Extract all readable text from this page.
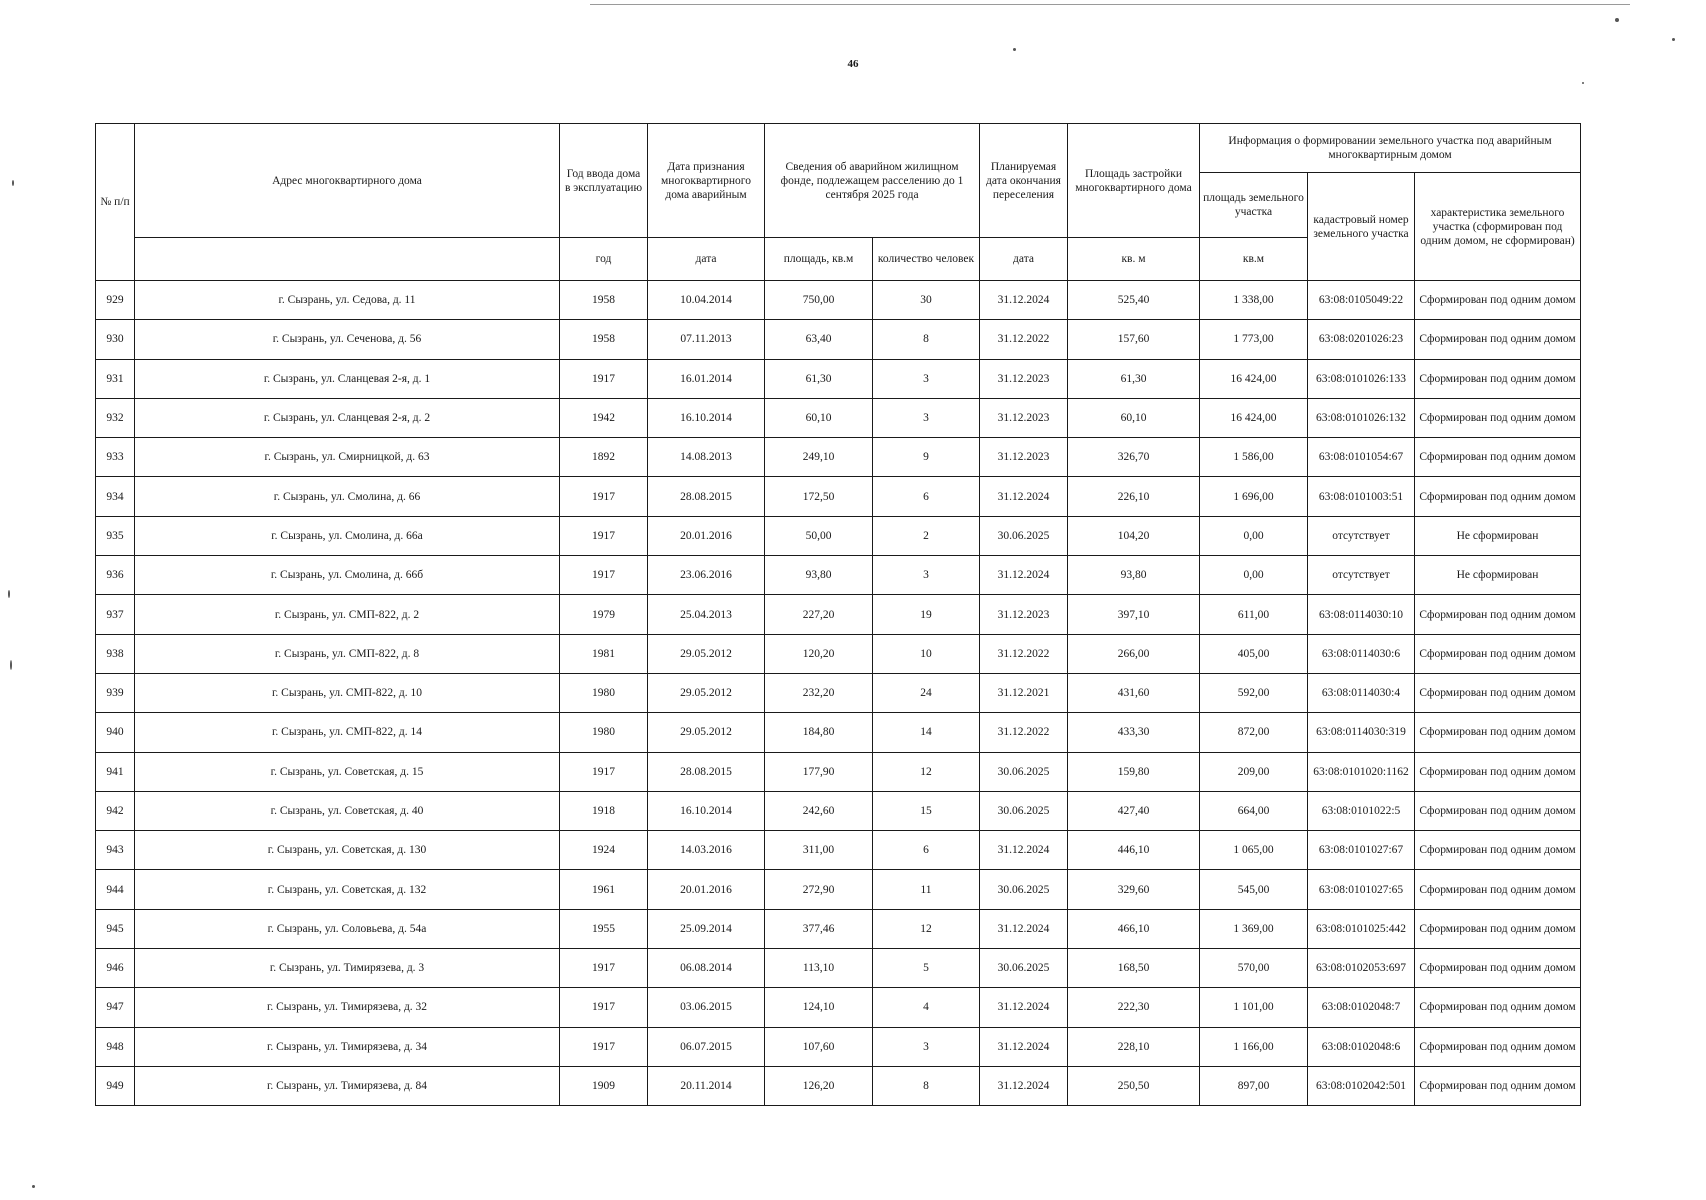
46
№ п/п	Адрес многоквартирного дома	Год ввода дома в эксплуатацию	Дата признания многоквартирного дома аварийным	Сведения об аварийном жилищном фонде, подлежащем расселению до 1 сентября 2025 года		Планируемая дата окончания переселения	Площадь застройки многоквартирного дома	Информация о формировании земельного участка под аварийным многоквартирным домом		
								площадь земельного участка	кадастровый номер земельного участка	характеристика земельного участка (сформирован под одним домом, не сформирован)
		год	дата	площадь, кв.м	количество человек	дата	кв. м	кв.м		
929	г. Сызрань, ул. Седова, д. 11	1958	10.04.2014	750,00	30	31.12.2024	525,40	1 338,00	63:08:0105049:22	Сформирован под одним домом
930	г. Сызрань, ул. Сеченова, д. 56	1958	07.11.2013	63,40	8	31.12.2022	157,60	1 773,00	63:08:0201026:23	Сформирован под одним домом
931	г. Сызрань, ул. Сланцевая 2-я, д. 1	1917	16.01.2014	61,30	3	31.12.2023	61,30	16 424,00	63:08:0101026:133	Сформирован под одним домом
932	г. Сызрань, ул. Сланцевая 2-я, д. 2	1942	16.10.2014	60,10	3	31.12.2023	60,10	16 424,00	63:08:0101026:132	Сформирован под одним домом
933	г. Сызрань, ул. Смирницкой, д. 63	1892	14.08.2013	249,10	9	31.12.2023	326,70	1 586,00	63:08:0101054:67	Сформирован под одним домом
934	г. Сызрань, ул. Смолина, д. 66	1917	28.08.2015	172,50	6	31.12.2024	226,10	1 696,00	63:08:0101003:51	Сформирован под одним домом
935	г. Сызрань, ул. Смолина, д. 66а	1917	20.01.2016	50,00	2	30.06.2025	104,20	0,00	отсутствует	Не сформирован
936	г. Сызрань, ул. Смолина, д. 66б	1917	23.06.2016	93,80	3	31.12.2024	93,80	0,00	отсутствует	Не сформирован
937	г. Сызрань, ул. СМП-822, д. 2	1979	25.04.2013	227,20	19	31.12.2023	397,10	611,00	63:08:0114030:10	Сформирован под одним домом
938	г. Сызрань, ул. СМП-822, д. 8	1981	29.05.2012	120,20	10	31.12.2022	266,00	405,00	63:08:0114030:6	Сформирован под одним домом
939	г. Сызрань, ул. СМП-822, д. 10	1980	29.05.2012	232,20	24	31.12.2021	431,60	592,00	63:08:0114030:4	Сформирован под одним домом
940	г. Сызрань, ул. СМП-822, д. 14	1980	29.05.2012	184,80	14	31.12.2022	433,30	872,00	63:08:0114030:319	Сформирован под одним домом
941	г. Сызрань, ул. Советская, д. 15	1917	28.08.2015	177,90	12	30.06.2025	159,80	209,00	63:08:0101020:1162	Сформирован под одним домом
942	г. Сызрань, ул. Советская, д. 40	1918	16.10.2014	242,60	15	30.06.2025	427,40	664,00	63:08:0101022:5	Сформирован под одним домом
943	г. Сызрань, ул. Советская, д. 130	1924	14.03.2016	311,00	6	31.12.2024	446,10	1 065,00	63:08:0101027:67	Сформирован под одним домом
944	г. Сызрань, ул. Советская, д. 132	1961	20.01.2016	272,90	11	30.06.2025	329,60	545,00	63:08:0101027:65	Сформирован под одним домом
945	г. Сызрань, ул. Соловьева, д. 54а	1955	25.09.2014	377,46	12	31.12.2024	466,10	1 369,00	63:08:0101025:442	Сформирован под одним домом
946	г. Сызрань, ул. Тимирязева, д. 3	1917	06.08.2014	113,10	5	30.06.2025	168,50	570,00	63:08:0102053:697	Сформирован под одним домом
947	г. Сызрань, ул. Тимирязева, д. 32	1917	03.06.2015	124,10	4	31.12.2024	222,30	1 101,00	63:08:0102048:7	Сформирован под одним домом
948	г. Сызрань, ул. Тимирязева, д. 34	1917	06.07.2015	107,60	3	31.12.2024	228,10	1 166,00	63:08:0102048:6	Сформирован под одним домом
949	г. Сызрань, ул. Тимирязева, д. 84	1909	20.11.2014	126,20	8	31.12.2024	250,50	897,00	63:08:0102042:501	Сформирован под одним домом
